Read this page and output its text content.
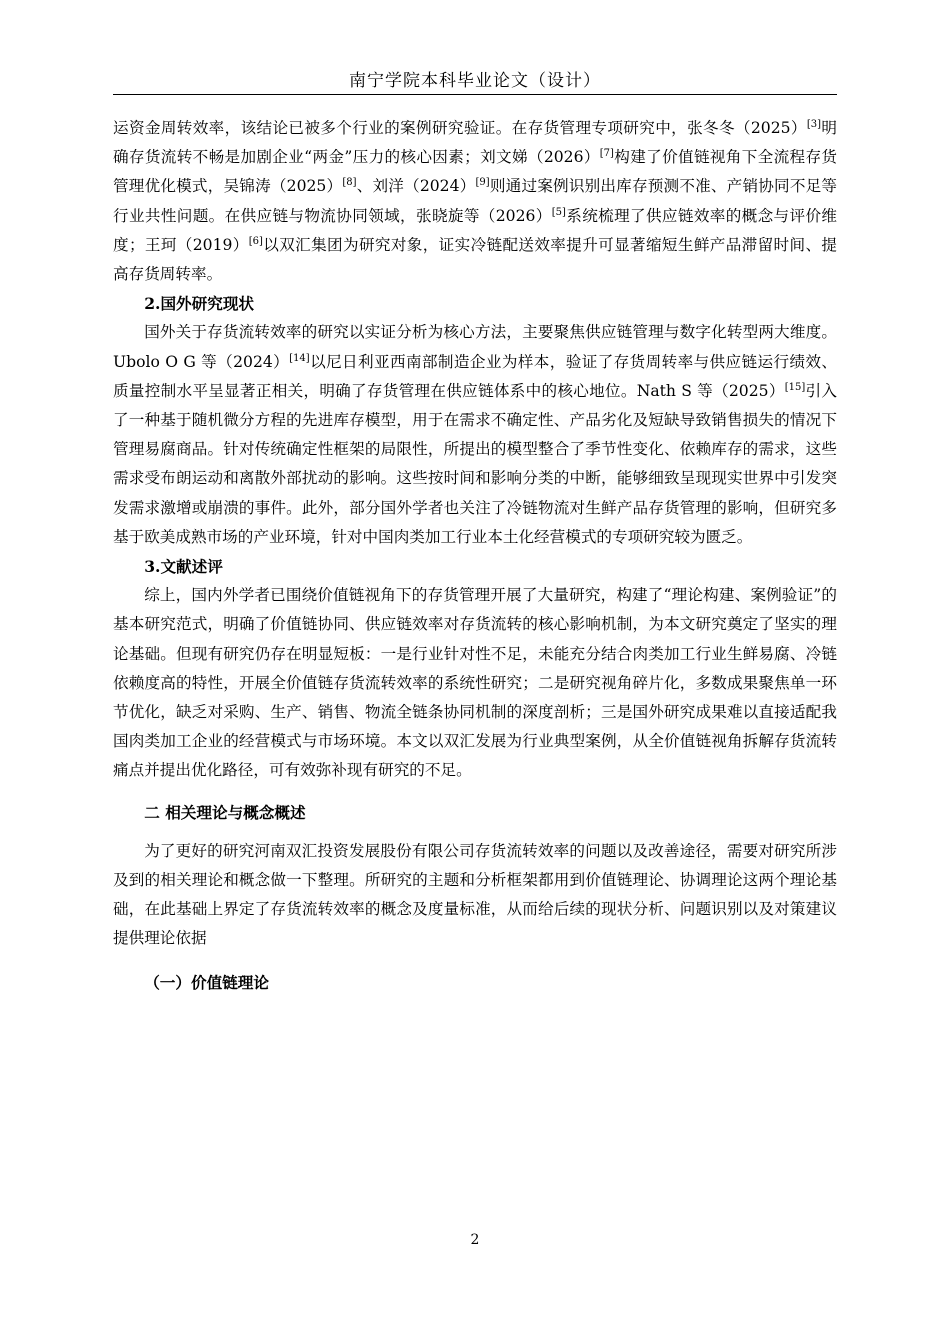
南宁学院本科毕业论文（设计）

运资金周转效率，该结论已被多个行业的案例研究验证。在存货管理专项研究中，张冬冬（2025）[3]明确存货流转不畅是加剧企业“两金”压力的核心因素；刘文娣（2026）[7]构建了价值链视角下全流程存货管理优化模式，吴锦涛（2025）[8]、刘洋（2024）[9]则通过案例识别出库存预测不准、产销协同不足等行业共性问题。在供应链与物流协同领域，张晓旋等（2026）[5]系统梳理了供应链效率的概念与评价维度；王珂（2019）[6]以双汇集团为研究对象，证实冷链配送效率提升可显著缩短生鲜产品滞留时间、提高存货周转率。

2.国外研究现状

国外关于存货流转效率的研究以实证分析为核心方法，主要聚焦供应链管理与数字化转型两大维度。Ubolo O G 等（2024）[14]以尼日利亚西南部制造企业为样本，验证了存货周转率与供应链运行绩效、质量控制水平呈显著正相关，明确了存货管理在供应链体系中的核心地位。Nath S 等（2025）[15]引入了一种基于随机微分方程的先进库存模型，用于在需求不确定性、产品劣化及短缺导致销售损失的情况下管理易腐商品。针对传统确定性框架的局限性，所提出的模型整合了季节性变化、依赖库存的需求，这些需求受布朗运动和离散外部扰动的影响。这些按时间和影响分类的中断，能够细致呈现现实世界中引发突发需求激增或崩溃的事件。此外，部分国外学者也关注了冷链物流对生鲜产品存货管理的影响，但研究多基于欧美成熟市场的产业环境，针对中国肉类加工行业本土化经营模式的专项研究较为匮乏。

3.文献述评

综上，国内外学者已围绕价值链视角下的存货管理开展了大量研究，构建了“理论构建、案例验证”的基本研究范式，明确了价值链协同、供应链效率对存货流转的核心影响机制，为本文研究奠定了坚实的理论基础。但现有研究仍存在明显短板：一是行业针对性不足，未能充分结合肉类加工行业生鲜易腐、冷链依赖度高的特性，开展全价值链存货流转效率的系统性研究；二是研究视角碎片化，多数成果聚焦单一环节优化，缺乏对采购、生产、销售、物流全链条协同机制的深度剖析；三是国外研究成果难以直接适配我国肉类加工企业的经营模式与市场环境。本文以双汇发展为行业典型案例，从全价值链视角拆解存货流转痛点并提出优化路径，可有效弥补现有研究的不足。

二 相关理论与概念概述

为了更好的研究河南双汇投资发展股份有限公司存货流转效率的问题以及改善途径，需要对研究所涉及到的相关理论和概念做一下整理。所研究的主题和分析框架都用到价值链理论、协调理论这两个理论基础，在此基础上界定了存货流转效率的概念及度量标准，从而给后续的现状分析、问题识别以及对策建议提供理论依据

（一）价值链理论

2
